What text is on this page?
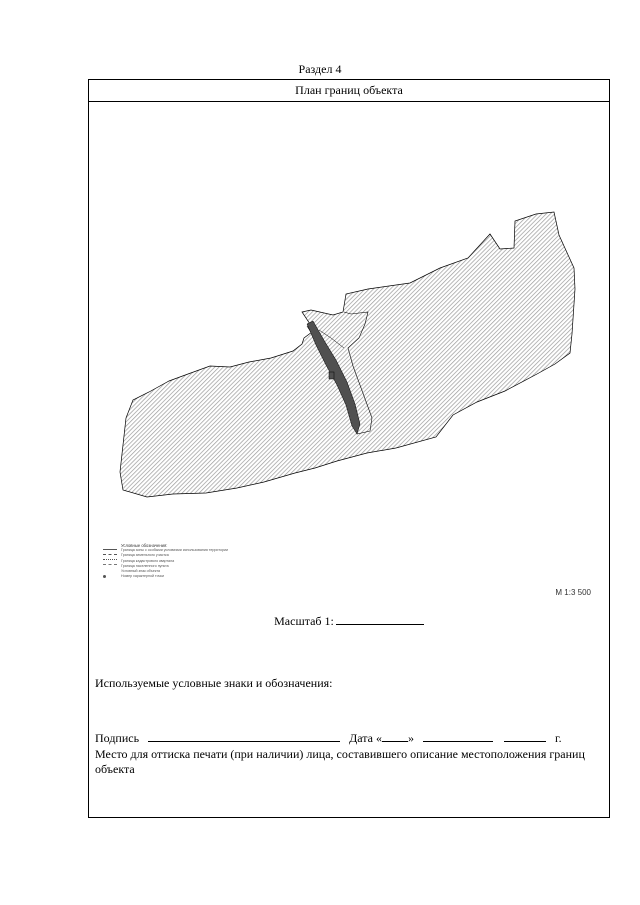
Раздел 4
План границ объекта
Условные обозначения:
Граница зоны с особыми условиями использования территории
Граница земельного участка
Граница кадастрового квартала
Граница населенного пункта
Условный знак объекта
Номер характерной точки
М 1:3 500
Масштаб 1:
Используемые условные знаки и обозначения:
Подпись	Дата « »	г.
Место для оттиска печати (при наличии) лица, составившего описание местоположения границ объекта
